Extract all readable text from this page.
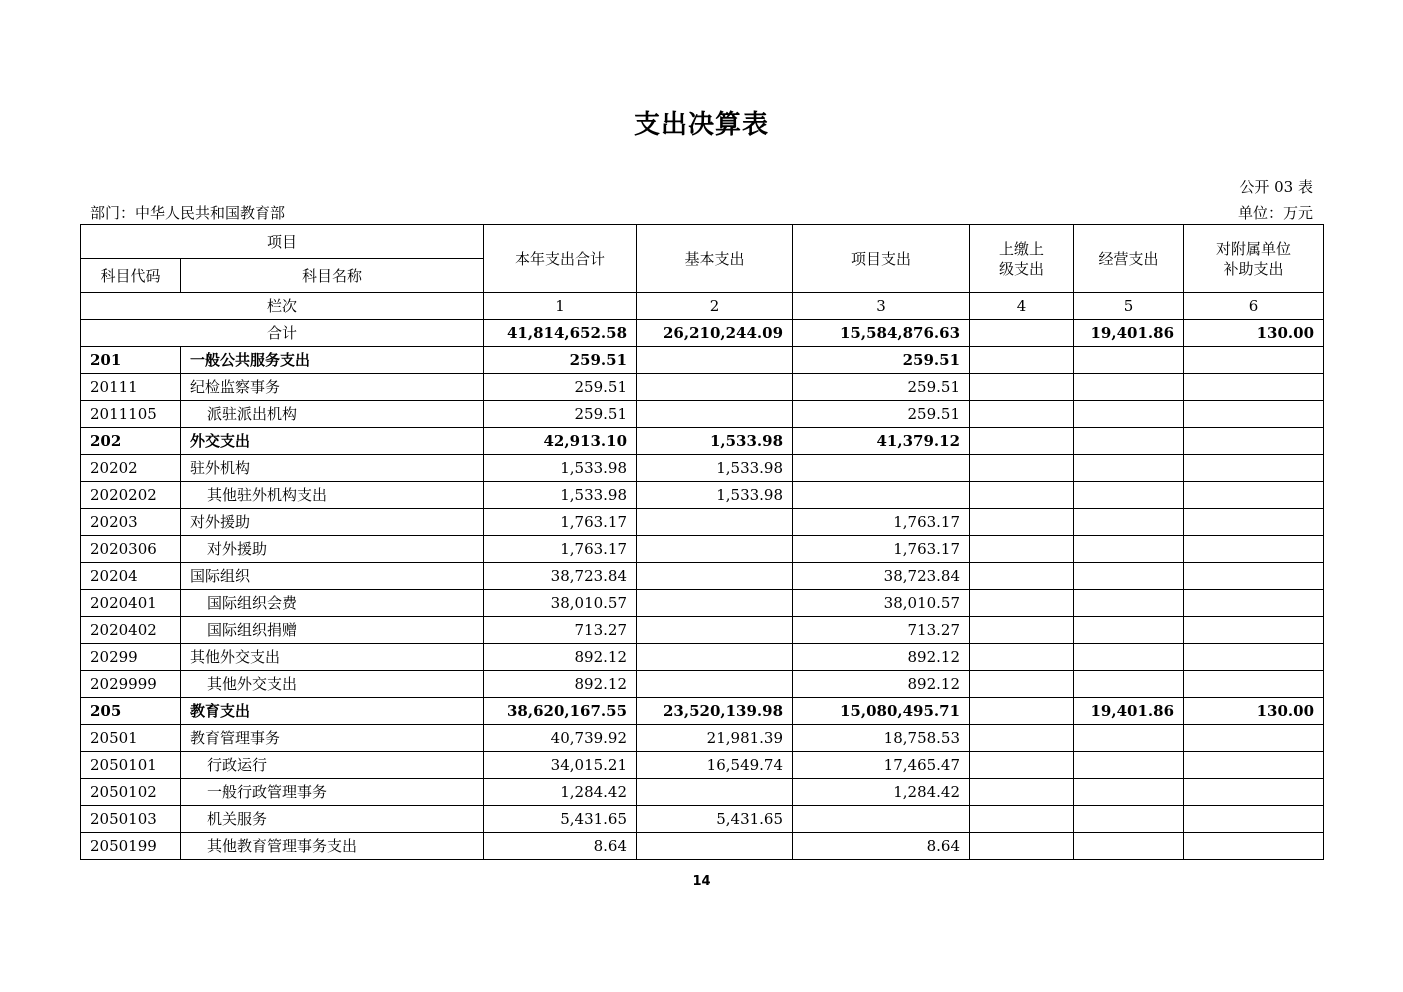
支出决算表
公开 03 表
部门：中华人民共和国教育部	单位：万元
项目		本年支出合计	基本支出	项目支出	上缴上
级支出	经营支出	对附属单位
补助支出
科目代码	科目名称						
栏次		1	2	3	4	5	6
合计		41,814,652.58	26,210,244.09	15,584,876.63		19,401.86	130.00
201	一般公共服务支出	259.51		259.51			
20111	纪检监察事务	259.51		259.51			
2011105	派驻派出机构	259.51		259.51			
202	外交支出	42,913.10	1,533.98	41,379.12			
20202	驻外机构	1,533.98	1,533.98				
2020202	其他驻外机构支出	1,533.98	1,533.98				
20203	对外援助	1,763.17		1,763.17			
2020306	对外援助	1,763.17		1,763.17			
20204	国际组织	38,723.84		38,723.84			
2020401	国际组织会费	38,010.57		38,010.57			
2020402	国际组织捐赠	713.27		713.27			
20299	其他外交支出	892.12		892.12			
2029999	其他外交支出	892.12		892.12			
205	教育支出	38,620,167.55	23,520,139.98	15,080,495.71		19,401.86	130.00
20501	教育管理事务	40,739.92	21,981.39	18,758.53			
2050101	行政运行	34,015.21	16,549.74	17,465.47			
2050102	一般行政管理事务	1,284.42		1,284.42			
2050103	机关服务	5,431.65	5,431.65				
2050199	其他教育管理事务支出	8.64		8.64			
14
